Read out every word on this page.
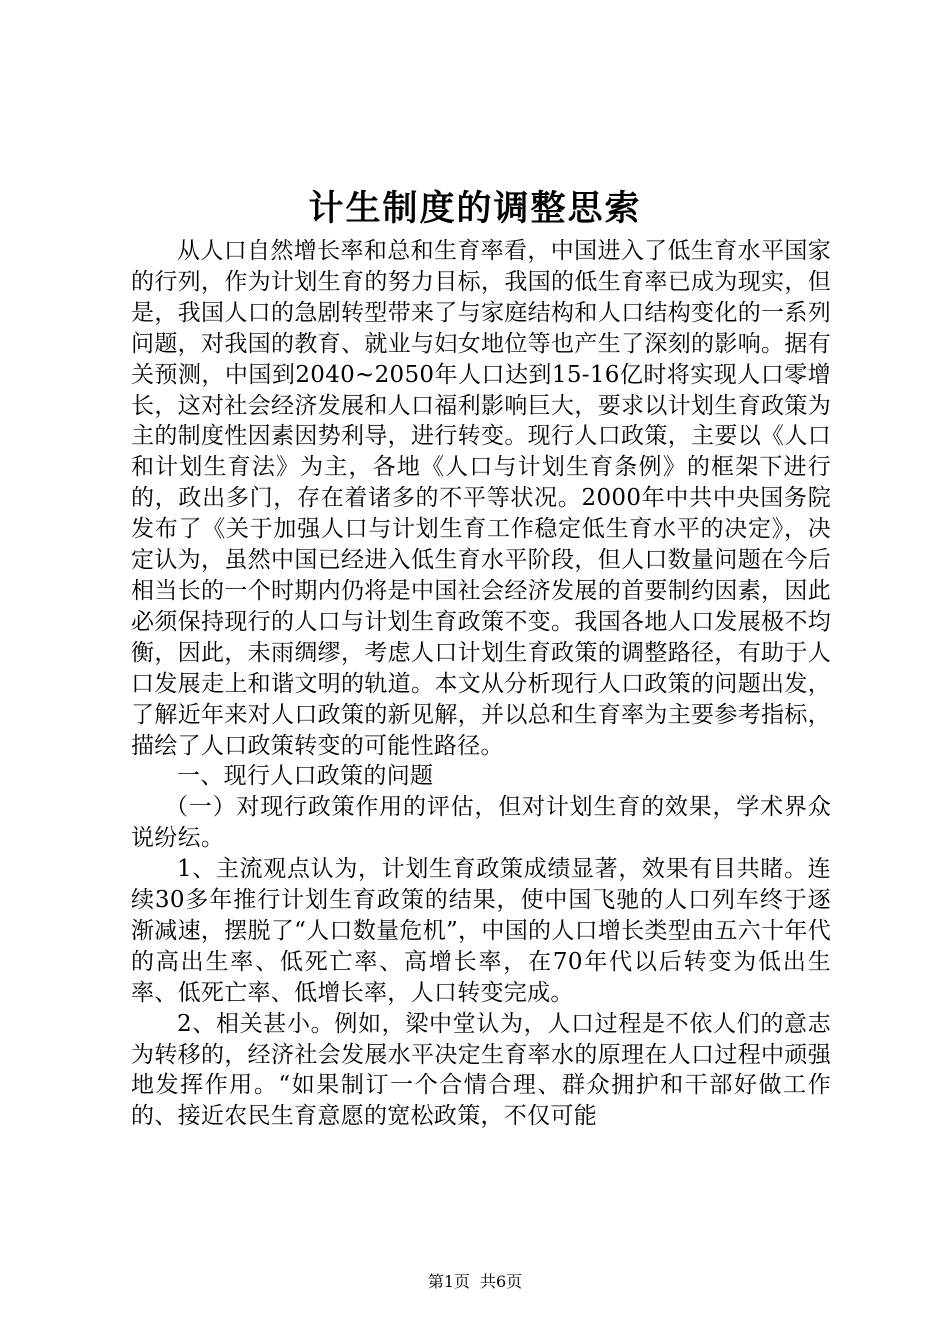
计生制度的调整思索

从人口自然增长率和总和生育率看，中国进入了低生育水平国家的行列，作为计划生育的努力目标，我国的低生育率已成为现实，但是，我国人口的急剧转型带来了与家庭结构和人口结构变化的一系列问题，对我国的教育、就业与妇女地位等也产生了深刻的影响。据有关预测，中国到2040~2050年人口达到15-16亿时将实现人口零增长，这对社会经济发展和人口福利影响巨大，要求以计划生育政策为主的制度性因素因势利导，进行转变。现行人口政策，主要以《人口和计划生育法》为主，各地《人口与计划生育条例》的框架下进行的，政出多门，存在着诸多的不平等状况。2000年中共中央国务院发布了《关于加强人口与计划生育工作稳定低生育水平的决定》，决定认为，虽然中国已经进入低生育水平阶段，但人口数量问题在今后相当长的一个时期内仍将是中国社会经济发展的首要制约因素，因此必须保持现行的人口与计划生育政策不变。我国各地人口发展极不均衡，因此，未雨绸缪，考虑人口计划生育政策的调整路径，有助于人口发展走上和谐文明的轨道。本文从分析现行人口政策的问题出发，了解近年来对人口政策的新见解，并以总和生育率为主要参考指标，描绘了人口政策转变的可能性路径。

一、现行人口政策的问题

（一）对现行政策作用的评估，但对计划生育的效果，学术界众说纷纭。

1、主流观点认为，计划生育政策成绩显著，效果有目共睹。连续30多年推行计划生育政策的结果，使中国飞驰的人口列车终于逐渐减速，摆脱了“人口数量危机”，中国的人口增长类型由五六十年代的高出生率、低死亡率、高增长率，在70年代以后转变为低出生率、低死亡率、低增长率，人口转变完成。

2、相关甚小。例如，梁中堂认为，人口过程是不依人们的意志为转移的，经济社会发展水平决定生育率水的原理在人口过程中顽强地发挥作用。“如果制订一个合情合理、群众拥护和干部好做工作的、接近农民生育意愿的宽松政策，不仅可能

第1页 共6页
